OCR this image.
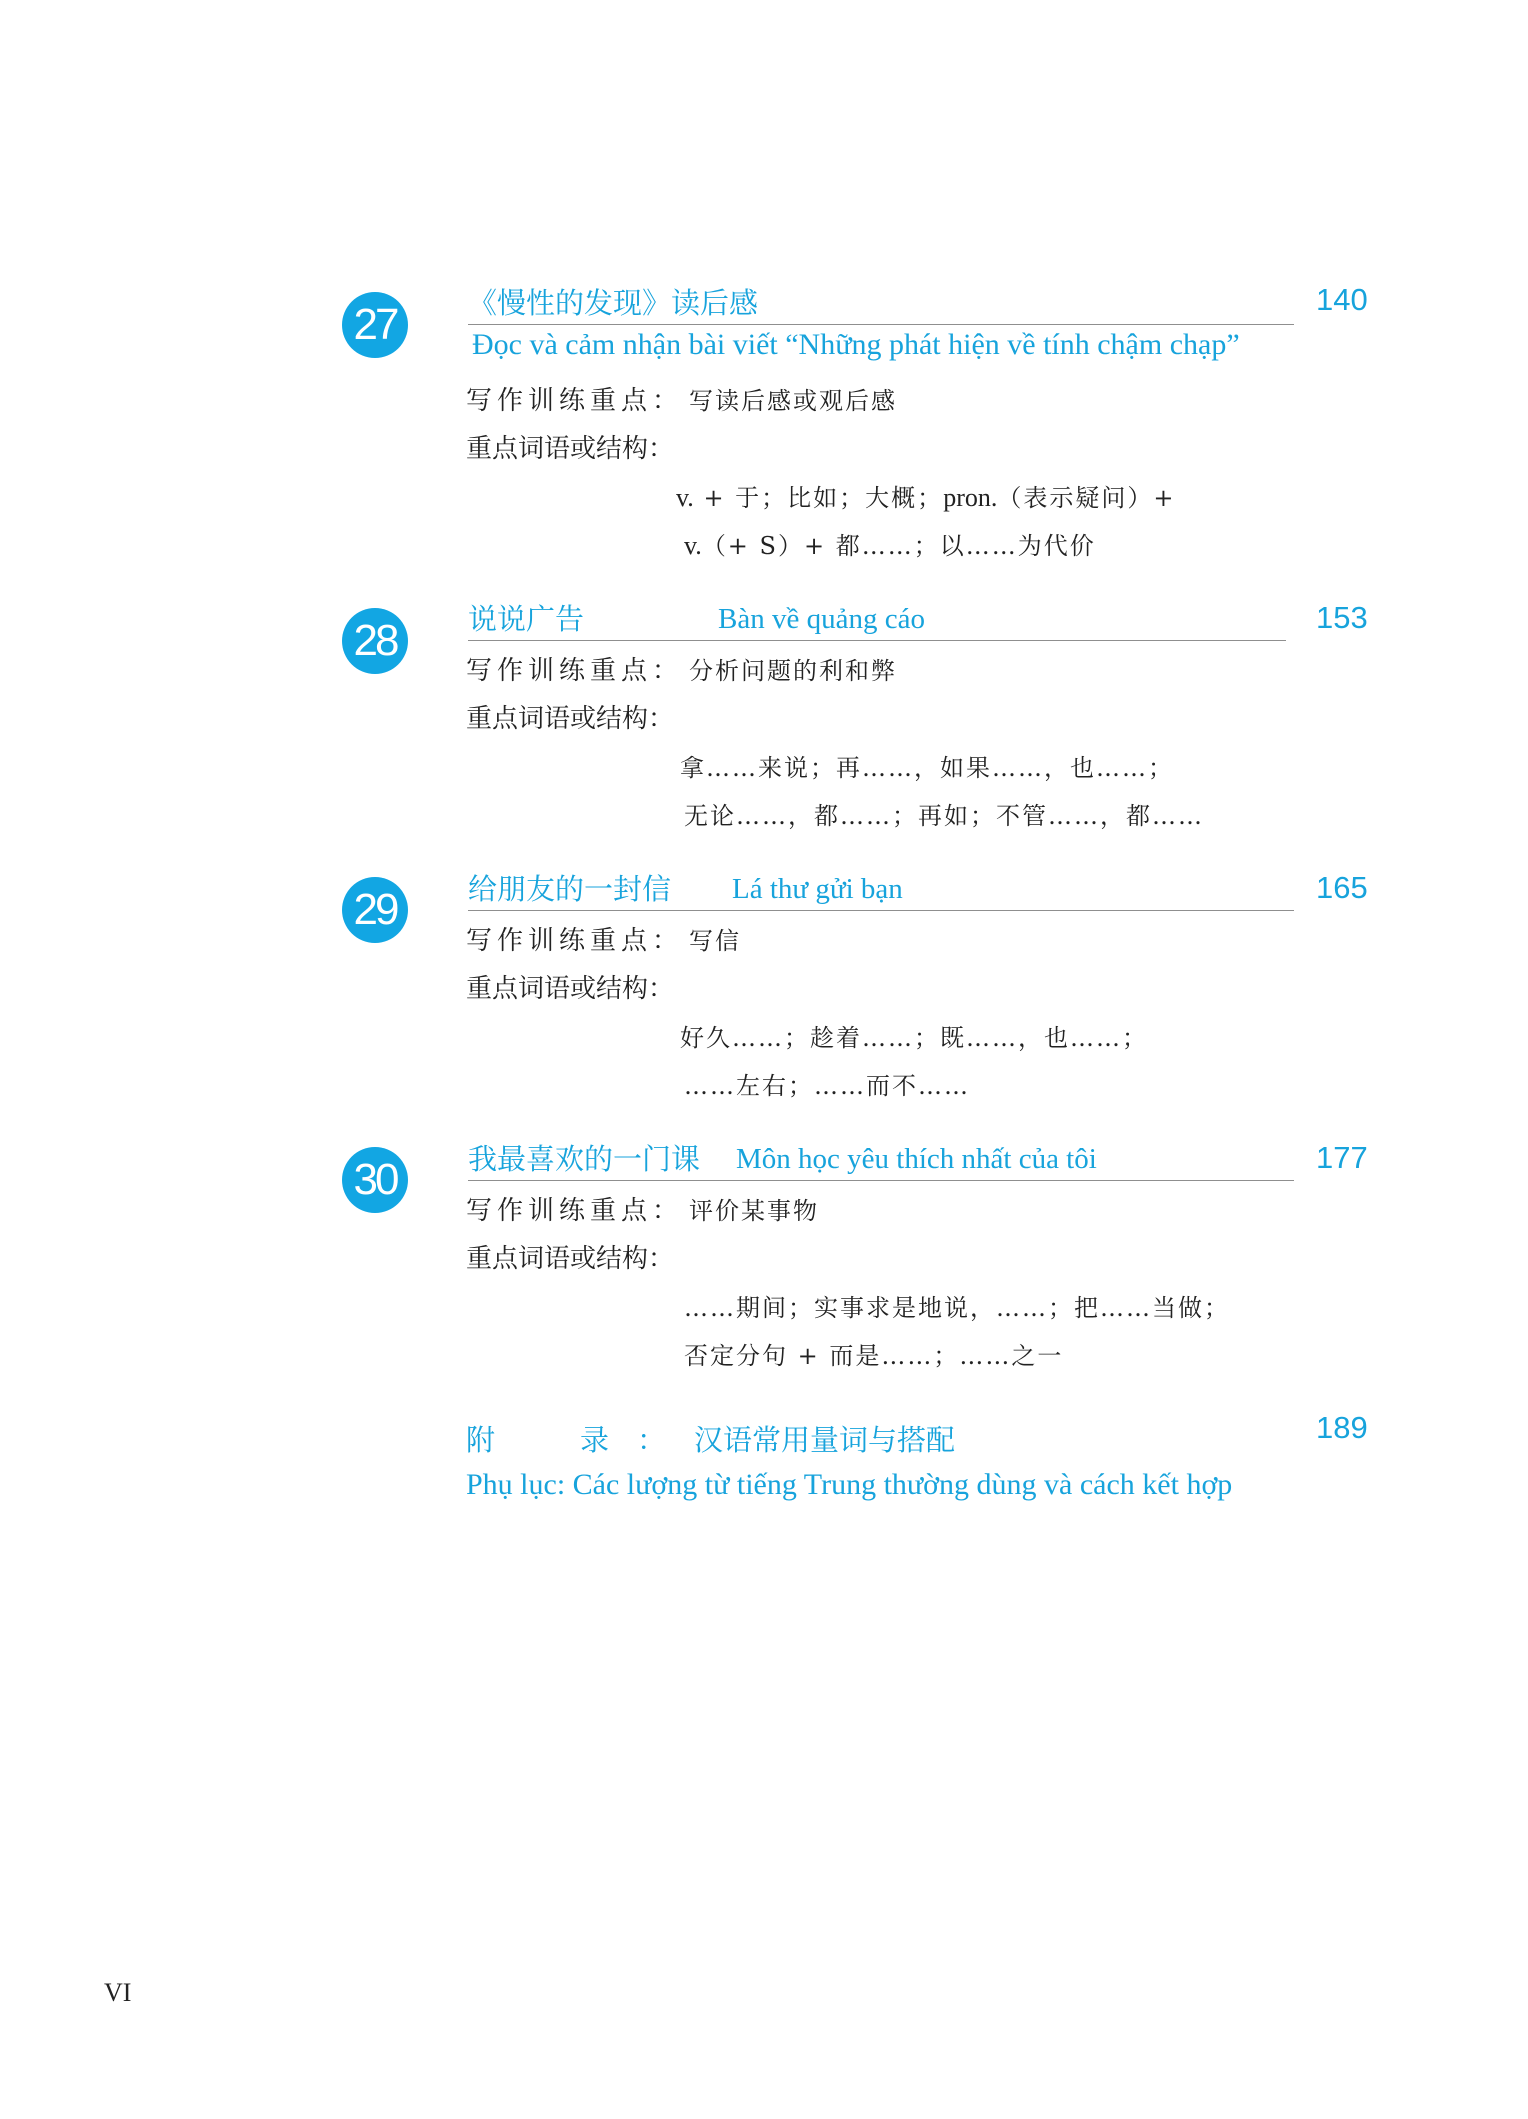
27	《慢性的发现》读后感	140
Đọc và cảm nhận bài viết “Những phát hiện về tính chậm chạp”
写作训练重点： 写读后感或观后感
重点词语或结构：
v. + 于；比如；大概；pron.（表示疑问）+
v.（+ S）+ 都……；以……为代价
28	说说广告	Bàn về quảng cáo	153
写作训练重点： 分析问题的利和弊
重点词语或结构：
拿……来说；再……，如果……，也……；
无论……，都……；再如；不管……，都……
29	给朋友的一封信 Lá thư gửi bạn	165
写作训练重点： 写信
重点词语或结构：
好久……；趁着……；既……，也……；
……左右；……而不……
30	我最喜欢的一门课 Môn học yêu thích nhất của tôi	177
写作训练重点： 评价某事物
重点词语或结构：
……期间；实事求是地说，……；把……当做；
否定分句 + 而是……；……之一
附　录：汉语常用量词与搭配	189
Phụ lục: Các lượng từ tiếng Trung thường dùng và cách kết hợp
VI
